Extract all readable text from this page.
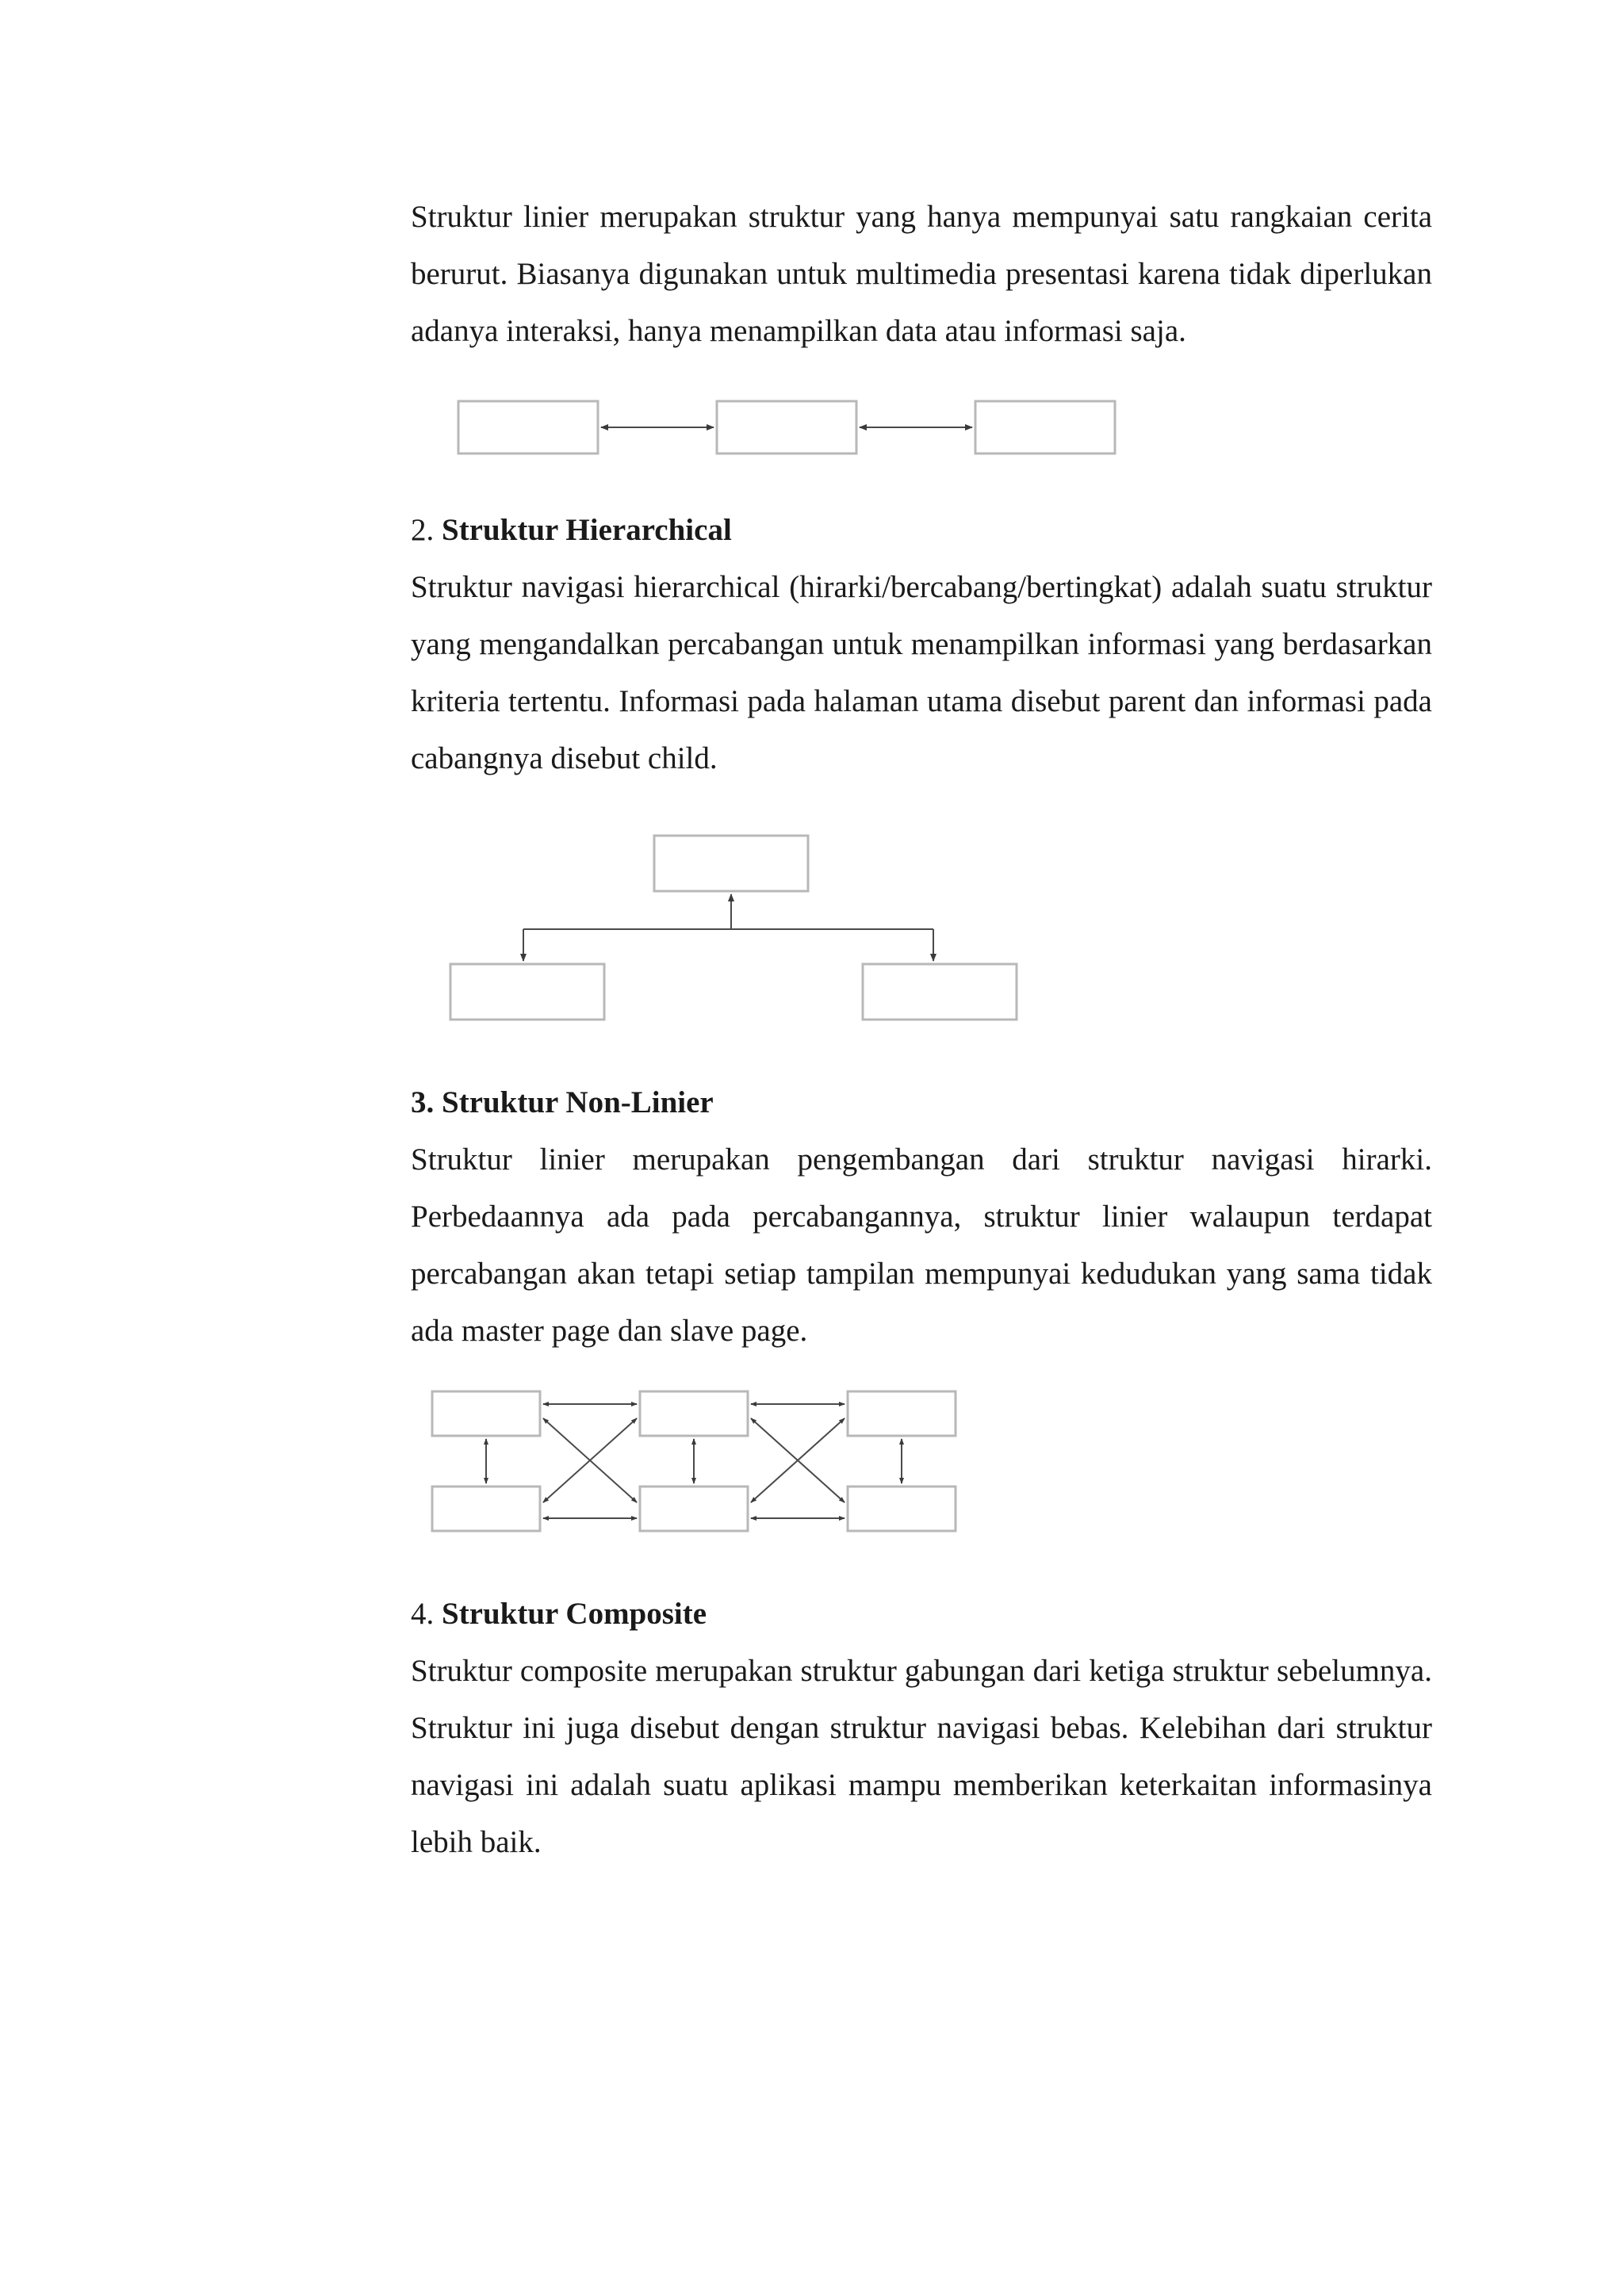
Struktur linier merupakan struktur yang hanya mempunyai satu rangkaian cerita berurut. Biasanya digunakan untuk multimedia presentasi karena tidak diperlukan adanya interaksi, hanya menampilkan data atau informasi saja.

2. Struktur Hierarchical

Struktur navigasi hierarchical (hirarki/bercabang/bertingkat) adalah suatu struktur yang mengandalkan percabangan untuk menampilkan informasi yang berdasarkan kriteria tertentu. Informasi pada halaman utama disebut parent dan informasi pada cabangnya disebut child.

3. Struktur Non-Linier

Struktur linier merupakan pengembangan dari struktur navigasi hirarki. Perbedaannya ada pada percabangannya, struktur linier walaupun terdapat percabangan akan tetapi setiap tampilan mempunyai kedudukan yang sama tidak ada master page dan slave page.

4. Struktur Composite

Struktur composite merupakan struktur gabungan dari ketiga struktur sebelumnya. Struktur ini juga disebut dengan struktur navigasi bebas. Kelebihan dari struktur navigasi ini adalah suatu aplikasi mampu memberikan keterkaitan informasinya lebih baik.
